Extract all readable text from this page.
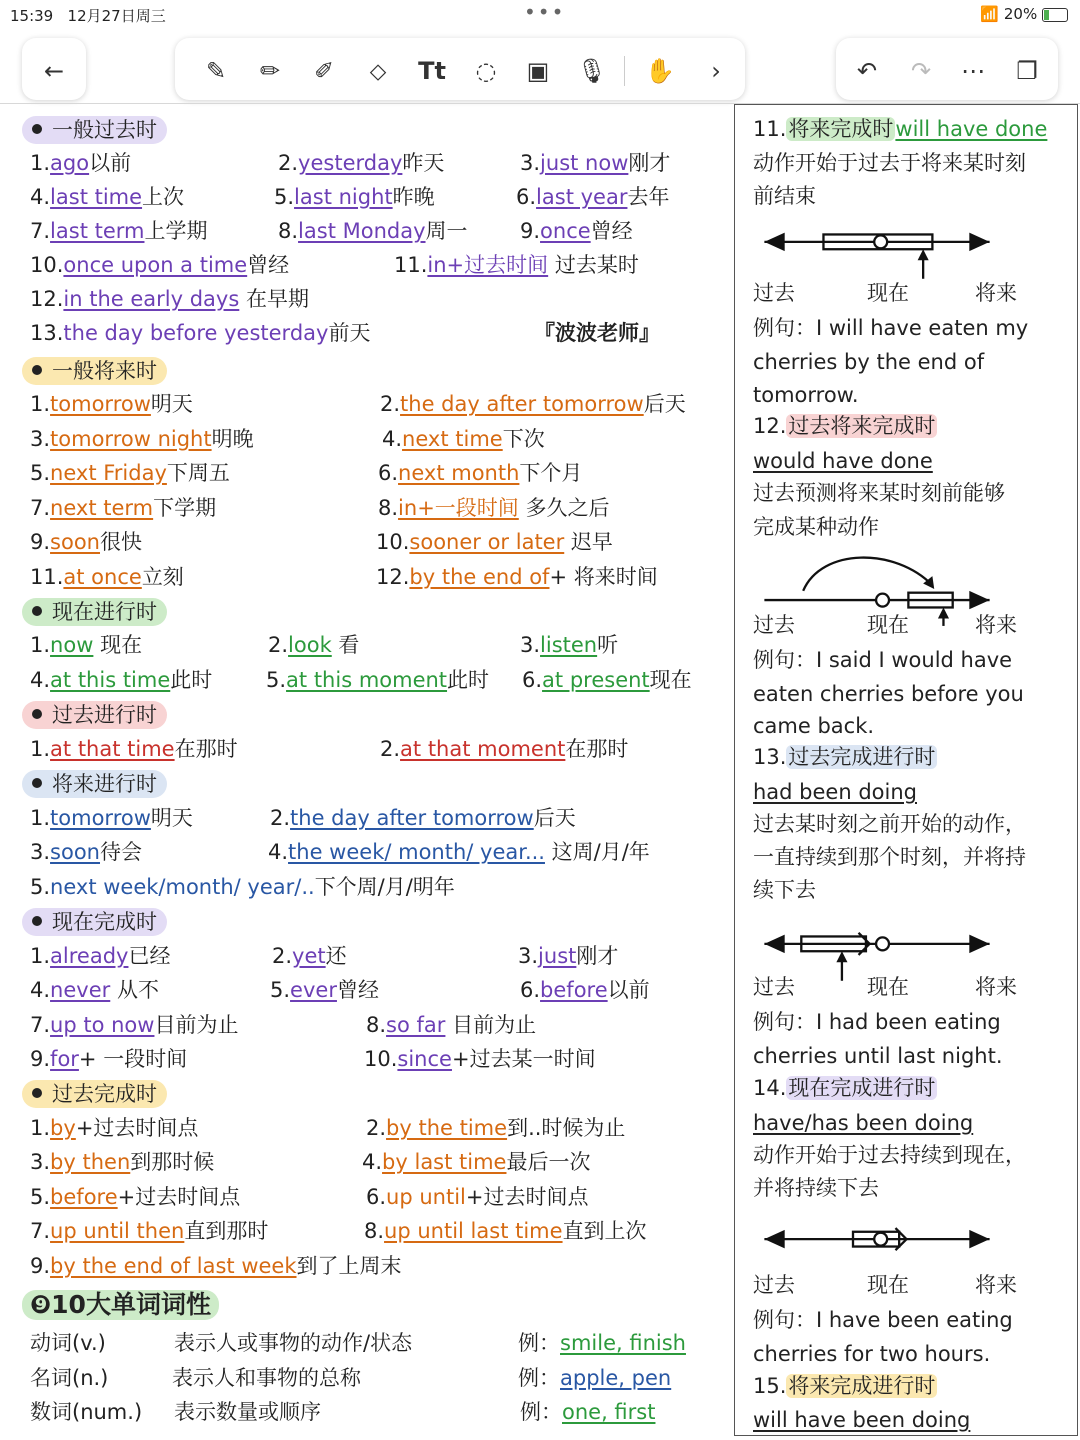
15:39 12月27日周三	•••	📶 20%
←	✎ ✏ ✐	⬦	Tt ◌ ▣ 🎙 ✋	›	↶ ↷ ⋯ ❐
一般过去时
1.ago以前	2.yesterday昨天	3.just now刚才
4.last time上次	5.last night昨晚	6.last year去年
7.last term上学期	8.last Monday周一 9.once曾经
10.once upon a time曾经	11.in+过去时间 过去某时
12.in the early days 在早期
13.the day before yesterday前天	『波波老师』
一般将来时
1.tomorrow明天	2.the day after tomorrow后天
3.tomorrow night明晚	4.next time下次
5.next Friday下周五	6.next month下个月
7.next term下学期	8.in+一段时间 多久之后
9.soon很快	10.sooner or later 迟早
11.at once立刻	12.by the end of+ 将来时间
现在进行时
1.now 现在	2.look 看	3.listen听
4.at this time此时	5.at this moment此时 6.at present现在
过去进行时
1.at that time在那时	2.at that moment在那时
将来进行时
1.tomorrow明天	2.the day after tomorrow后天
3.soon待会	4.the week/ month/ year... 这周/月/年
5.next week/month/ year/..下个周/月/明年
现在完成时
1.already已经	2.yet还	3.just刚才
4.never 从不	5.ever曾经	6.before以前
7.up to now目前为止	8.so far 目前为止
9.for+ 一段时间	10.since+过去某一时间
过去完成时
1.by+过去时间点	2.by the time到..时候为止
3.by then到那时候	4.by last time最后一次
5.before+过去时间点	6.up until+过去时间点
7.up until then直到那时	8.up until last time直到上次
9.by the end of last week到了上周末
❾10大单词词性
动词(v.)	表示人或事物的动作/状态	例：smile, finish
名词(n.)	表示人和事物的总称	例：apple, pen
数词(num.) 表示数量或顺序	例：one, first
11.将来完成时will have done
动作开始于过去于将来某时刻
前结束
过去	现在	将来
例句：I will have eaten my
cherries by the end of
tomorrow.
12.过去将来完成时
would have done
过去预测将来某时刻前能够
完成某种动作
过去	现在	将来
例句：I said I would have
eaten cherries before you
came back.
13.过去完成进行时
had been doing
过去某时刻之前开始的动作，
一直持续到那个时刻，并将持
续下去
过去	现在	将来
例句：I had been eating
cherries until last night.
14.现在完成进行时
have/has been doing
动作开始于过去持续到现在，
并将持续下去
过去	现在	将来
例句：I have been eating
cherries for two hours.
15.将来完成进行时
will have been doing
